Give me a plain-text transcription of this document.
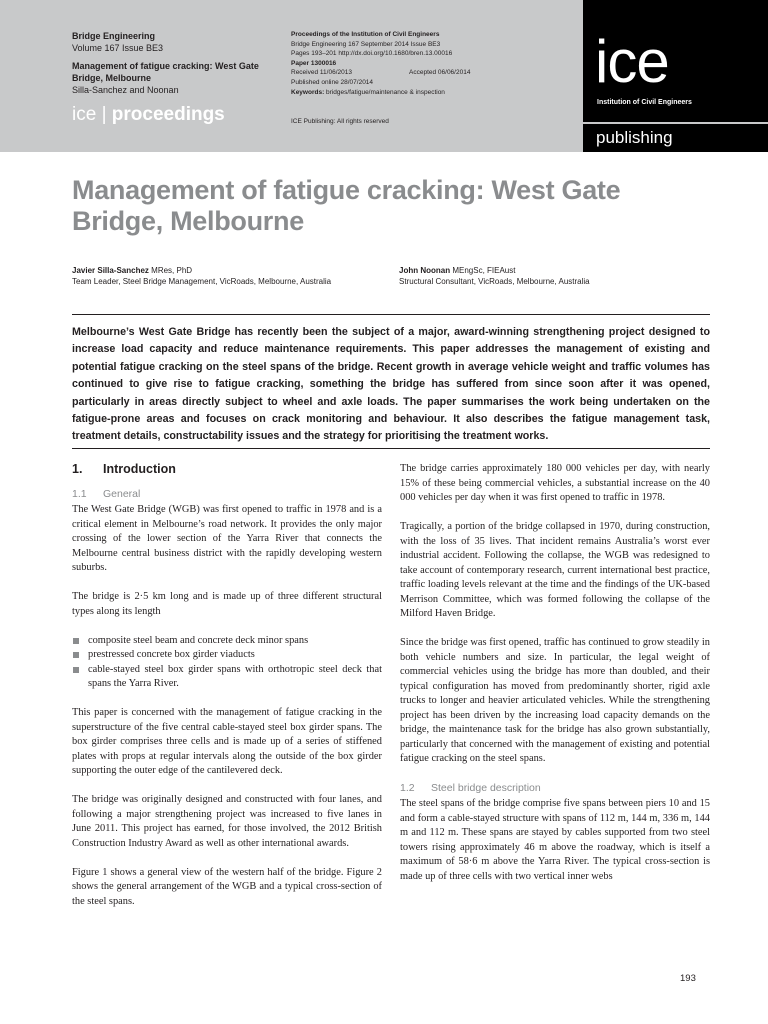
Bridge Engineering
Volume 167 Issue BE3
Management of fatigue cracking: West Gate Bridge, Melbourne
Silla-Sanchez and Noonan
ice | proceedings
Proceedings of the Institution of Civil Engineers
Bridge Engineering 167 September 2014 Issue BE3
Pages 193–201 http://dx.doi.org/10.1680/bren.13.00016
Paper 1300016
Received 11/06/2013	Accepted 06/06/2014
Published online 28/07/2014
Keywords: bridges/fatigue/maintenance & inspection
ICE Publishing: All rights reserved
ice
Institution of Civil Engineers
publishing
Management of fatigue cracking: West Gate Bridge, Melbourne
Javier Silla-Sanchez MRes, PhD
Team Leader, Steel Bridge Management, VicRoads, Melbourne, Australia
John Noonan MEngSc, FIEAust
Structural Consultant, VicRoads, Melbourne, Australia
Melbourne’s West Gate Bridge has recently been the subject of a major, award-winning strengthening project designed to increase load capacity and reduce maintenance requirements. This paper addresses the management of existing and potential fatigue cracking on the steel spans of the bridge. Recent growth in average vehicle weight and traffic volumes has continued to give rise to fatigue cracking, something the bridge has suffered from since soon after it was opened, particularly in areas directly subject to wheel and axle loads. The paper summarises the work being undertaken on the fatigue-prone areas and focuses on crack monitoring and behaviour. It also describes the fatigue management task, treatment details, constructability issues and the strategy for prioritising the treatment works.
1. Introduction
1.1 General

The West Gate Bridge (WGB) was first opened to traffic in 1978 and is a critical element in Melbourne’s road network. It provides the only major crossing of the lower section of the Yarra River that connects the Melbourne central business district with the rapidly developing western suburbs.

The bridge is 2·5 km long and is made up of three different structural types along its length

composite steel beam and concrete deck minor spans
prestressed concrete box girder viaducts
cable-stayed steel box girder spans with orthotropic steel deck that spans the Yarra River.

This paper is concerned with the management of fatigue cracking in the superstructure of the five central cable-stayed steel box girder spans. The box girder comprises three cells and is made up of a series of stiffened plates with props at regular intervals along the outside of the box girder supporting the outer edge of the cantilevered deck.

The bridge was originally designed and constructed with four lanes, and following a major strengthening project was increased to five lanes in June 2011. This project has earned, for those involved, the 2012 British Construction Industry Award as well as other international awards.

Figure 1 shows a general view of the western half of the bridge. Figure 2 shows the general arrangement of the WGB and a typical cross-section of the steel spans.

The bridge carries approximately 180 000 vehicles per day, with nearly 15% of these being commercial vehicles, a substantial increase on the 40 000 vehicles per day when it was first opened to traffic in 1978.

Tragically, a portion of the bridge collapsed in 1970, during construction, with the loss of 35 lives. That incident remains Australia’s worst ever industrial accident. Following the collapse, the WGB was redesigned to take account of contemporary research, current international best practice, traffic loading levels relevant at the time and the findings of the UK-based Merrison Committee, which was formed following the collapse of the Milford Haven Bridge.

Since the bridge was first opened, traffic has continued to grow steadily in both vehicle numbers and size. In particular, the legal weight of commercial vehicles using the bridge has more than doubled, and their typical configuration has moved from predominantly shorter, rigid axle trucks to longer and heavier articulated vehicles. While the strengthening project has been driven by the increasing load capacity demands on the bridge, the maintenance task for the bridge has also grown substantially, particularly that concerned with the management of existing and potential fatigue cracking on the steel spans.

1.2 Steel bridge description

The steel spans of the bridge comprise five spans between piers 10 and 15 and form a cable-stayed structure with spans of 112 m, 144 m, 336 m, 144 m and 112 m. These spans are stayed by cables supported from two steel towers rising approximately 46 m above the roadway, which is itself a maximum of 58·6 m above the Yarra River. The typical cross-section is made up of three cells with two vertical inner webs

193
